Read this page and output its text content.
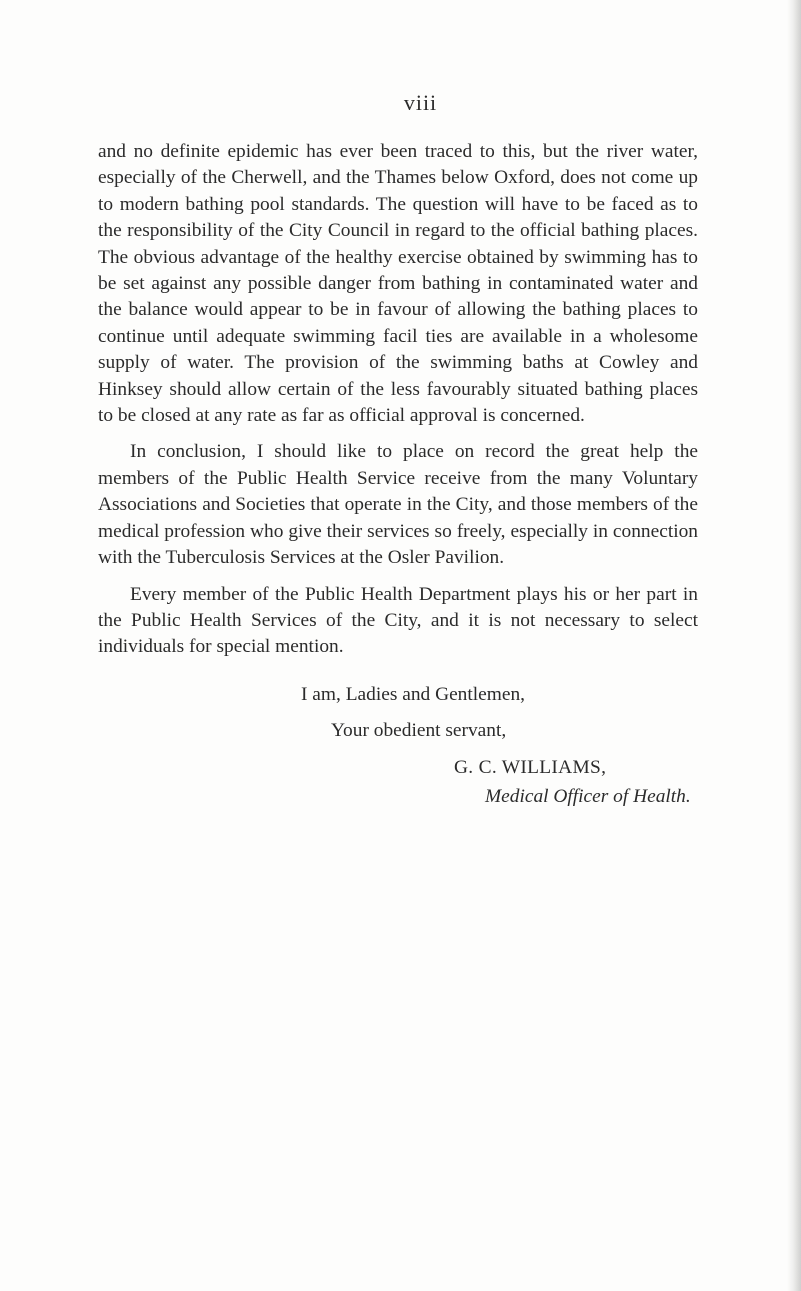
viii

and no definite epidemic has ever been traced to this, but the river water, especially of the Cherwell, and the Thames below Oxford, does not come up to modern bathing pool standards. The question will have to be faced as to the responsibility of the City Council in regard to the official bathing places. The obvious advantage of the healthy exercise obtained by swimming has to be set against any possible danger from bathing in contaminated water and the balance would appear to be in favour of allowing the bathing places to continue until adequate swimming facil ties are available in a wholesome supply of water. The provision of the swimming baths at Cowley and Hinksey should allow certain of the less favourably situated bathing places to be closed at any rate as far as official approval is concerned.

In conclusion, I should like to place on record the great help the members of the Public Health Service receive from the many Voluntary Associations and Societies that operate in the City, and those members of the medical profession who give their services so freely, especially in connection with the Tuberculosis Services at the Osler Pavilion.

Every member of the Public Health Department plays his or her part in the Public Health Services of the City, and it is not necessary to select individuals for special mention.

I am, Ladies and Gentlemen,
Your obedient servant,
G. C. WILLIAMS,
Medical Officer of Health.
